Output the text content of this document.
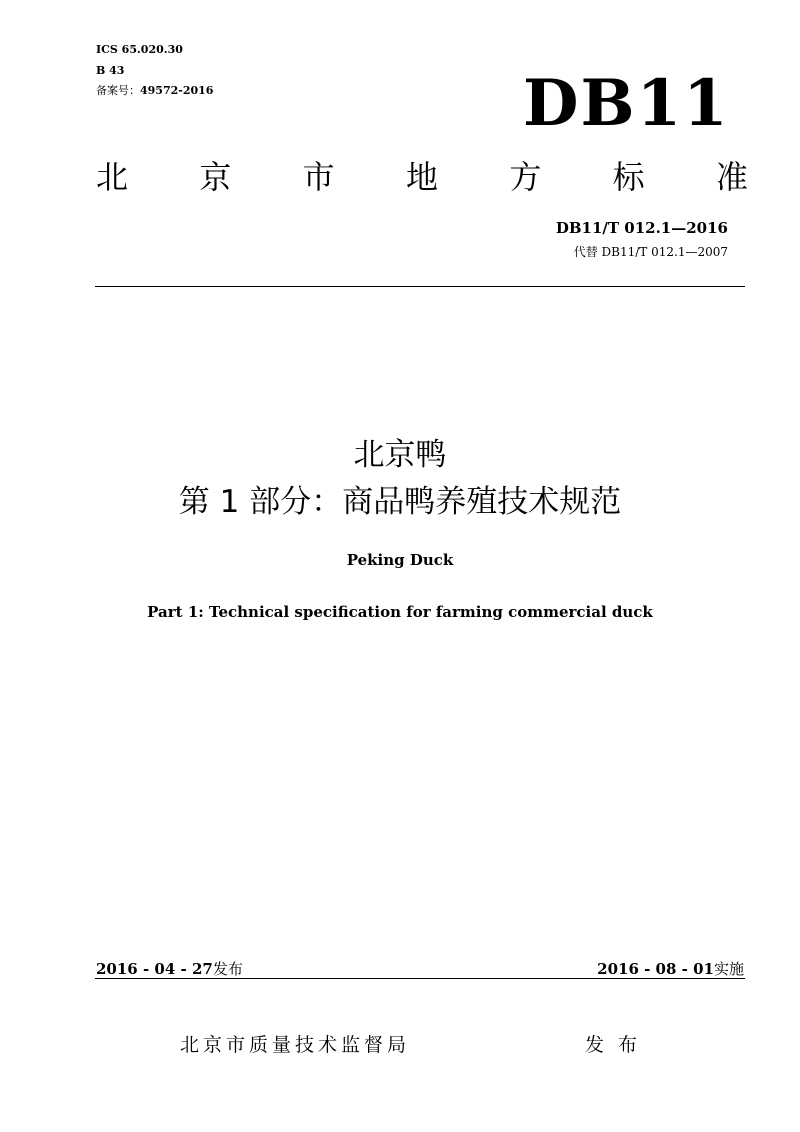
ICS 65.020.30
B 43
备案号：49572-2016	DB11
北 京 市 地 方 标 准
DB11/T 012.1—2016
代替 DB11/T 012.1—2007
北京鸭
第 1 部分：商品鸭养殖技术规范
Peking Duck
Part 1: Technical specification for farming commercial duck
2016 - 04 - 27发布	2016 - 08 - 01实施
北京市质量技术监督局	发 布
